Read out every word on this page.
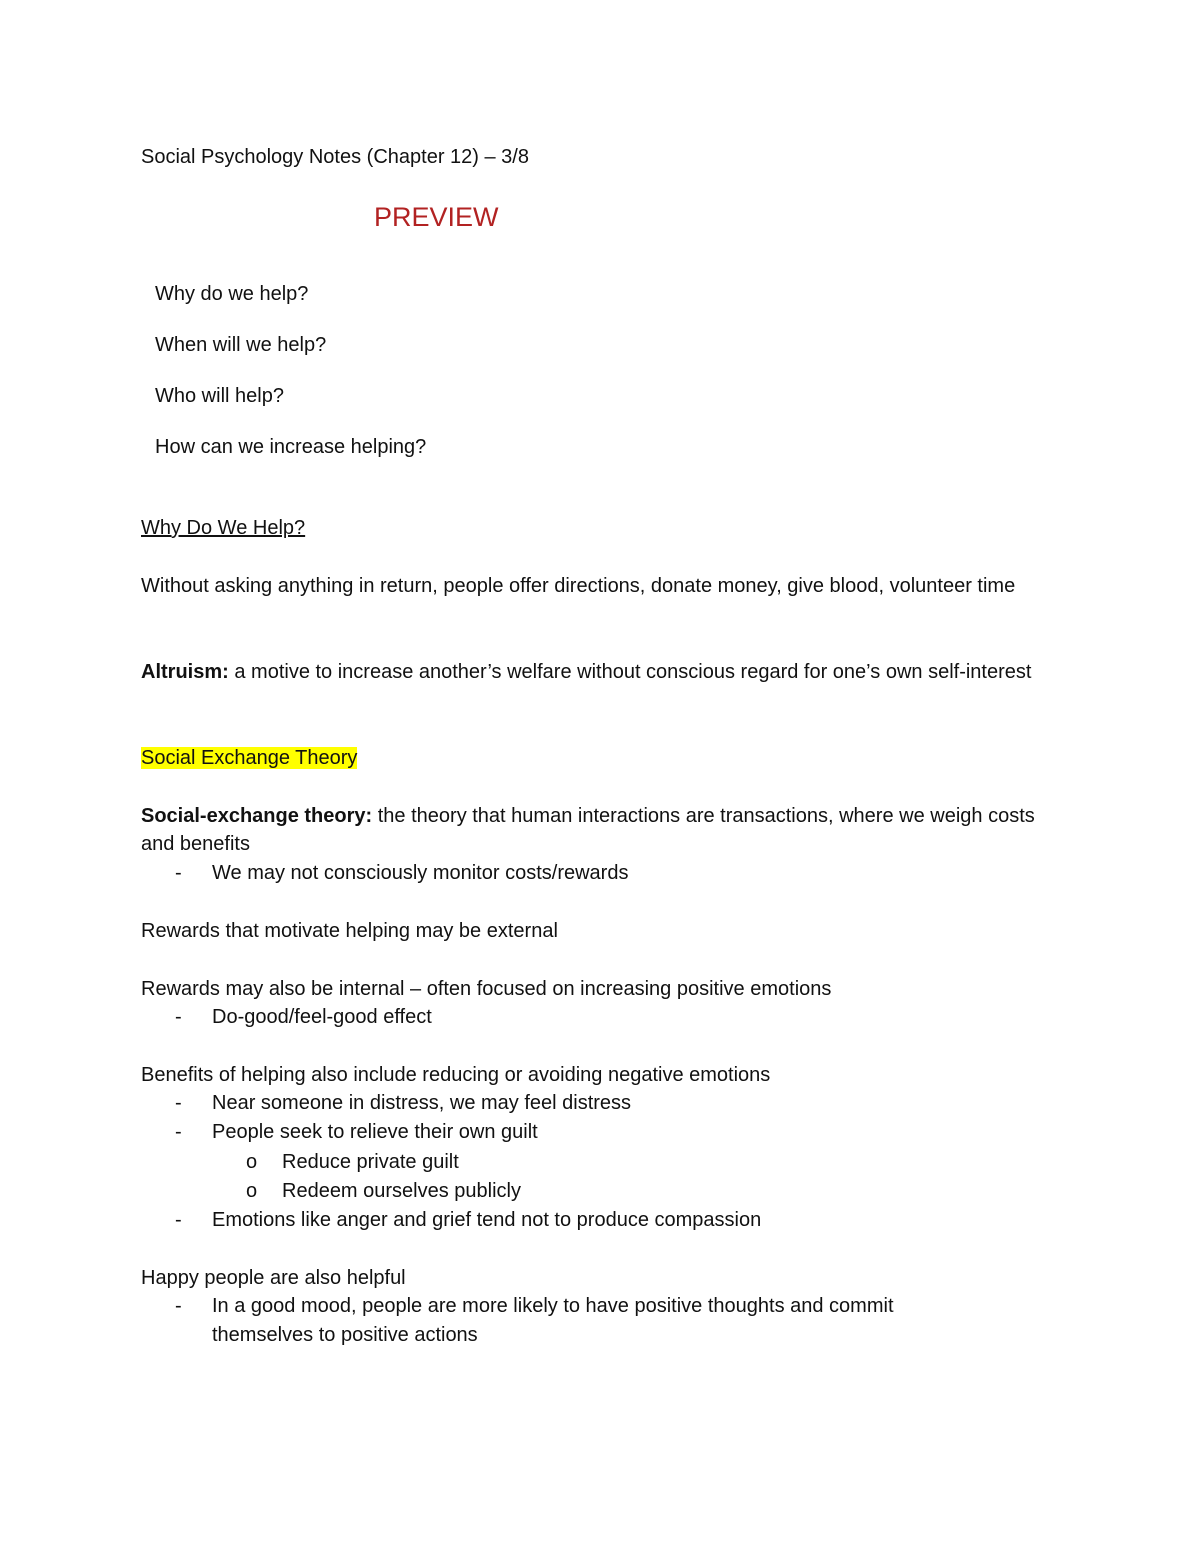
Social Psychology Notes (Chapter 12) – 3/8
PREVIEW
Why do we help?
When will we help?
Who will help?
How can we increase helping?
Why Do We Help?
Without asking anything in return, people offer directions, donate money, give blood, volunteer time
Altruism: a motive to increase another’s welfare without conscious regard for one’s own self-interest
Social Exchange Theory
Social-exchange theory: the theory that human interactions are transactions, where we weigh costs and benefits
- We may not consciously monitor costs/rewards
Rewards that motivate helping may be external
Rewards may also be internal – often focused on increasing positive emotions
- Do-good/feel-good effect
Benefits of helping also include reducing or avoiding negative emotions
- Near someone in distress, we may feel distress
- People seek to relieve their own guilt
o Reduce private guilt
o Redeem ourselves publicly
- Emotions like anger and grief tend not to produce compassion
Happy people are also helpful
- In a good mood, people are more likely to have positive thoughts and commit themselves to positive actions
